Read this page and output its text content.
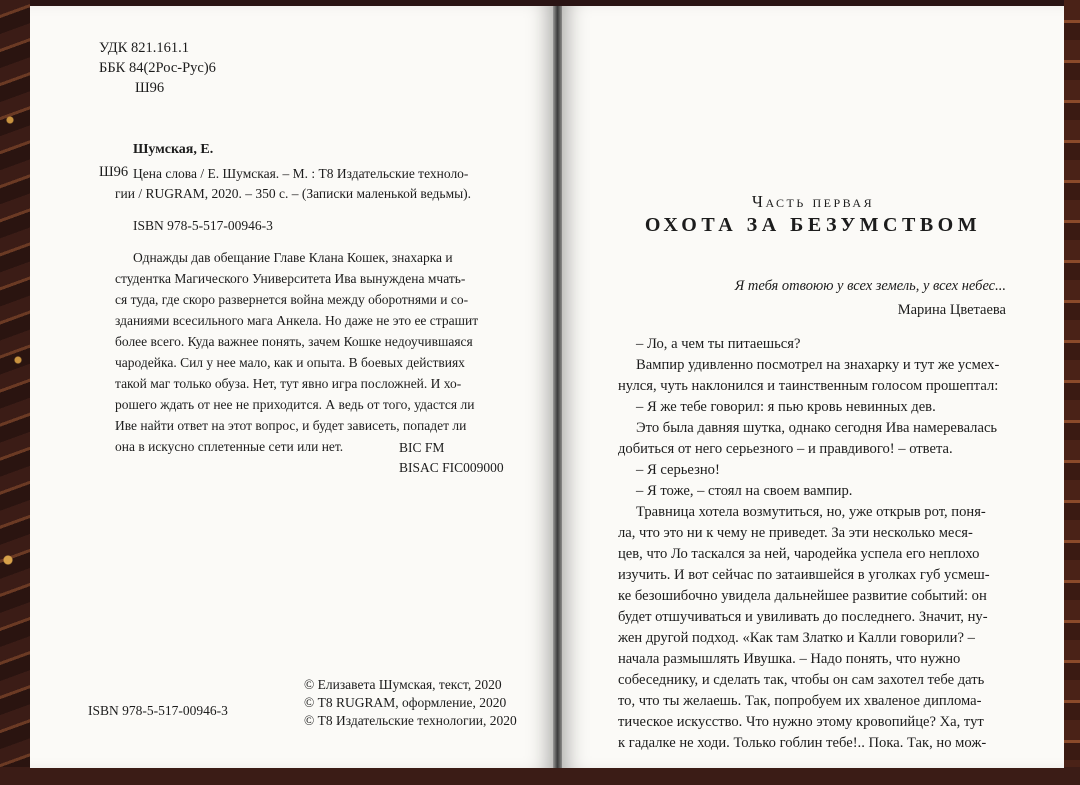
УДК 821.161.1
ББК 84(2Рос-Рус)6
Ш96
Шумская, Е.
Ш96 Цена слова / Е. Шумская. – М. : Т8 Издательские техноло-
гии / RUGRAM, 2020. – 350 с. – (Записки маленькой ведьмы).
ISBN 978-5-517-00946-3
Однажды дав обещание Главе Клана Кошек, знахарка и
студентка Магического Университета Ива вынуждена мчать-
ся туда, где скоро развернется война между оборотнями и со-
зданиями всесильного мага Анкела. Но даже не это ее страшит
более всего. Куда важнее понять, зачем Кошке недоучившаяся
чародейка. Сил у нее мало, как и опыта. В боевых действиях
такой маг только обуза. Нет, тут явно игра посложней. И хо-
рошего ждать от нее не приходится. А ведь от того, удастся ли
Иве найти ответ на этот вопрос, и будет зависеть, попадет ли
она в искусно сплетенные сети или нет.	BIC FM
BISAC FIC009000
© Елизавета Шумская, текст, 2020
© Т8 RUGRAM, оформление, 2020
© Т8 Издательские технологии, 2020
ISBN 978-5-517-00946-3
Часть первая
ОХОТА ЗА БЕЗУМСТВОМ
Я тебя отвоюю у всех земель, у всех небес...
Марина Цветаева
– Ло, а чем ты питаешься?
Вампир удивленно посмотрел на знахарку и тут же усмех-
нулся, чуть наклонился и таинственным голосом прошептал:
– Я же тебе говорил: я пью кровь невинных дев.
Это была давняя шутка, однако сегодня Ива намеревалась
добиться от него серьезного – и правдивого! – ответа.
– Я серьезно!
– Я тоже, – стоял на своем вампир.
Травница хотела возмутиться, но, уже открыв рот, поня-
ла, что это ни к чему не приведет. За эти несколько меся-
цев, что Ло таскался за ней, чародейка успела его неплохо
изучить. И вот сейчас по затаившейся в уголках губ усмеш-
ке безошибочно увидела дальнейшее развитие событий: он
будет отшучиваться и увиливать до последнего. Значит, ну-
жен другой подход. «Как там Златко и Калли говорили? –
начала размышлять Ивушка. – Надо понять, что нужно
собеседнику, и сделать так, чтобы он сам захотел тебе дать
то, что ты желаешь. Так, попробуем их хваленое диплома-
тическое искусство. Что нужно этому кровопийце? Ха, тут
к гадалке не ходи. Только гоблин тебе!.. Пока. Так, но мож-
